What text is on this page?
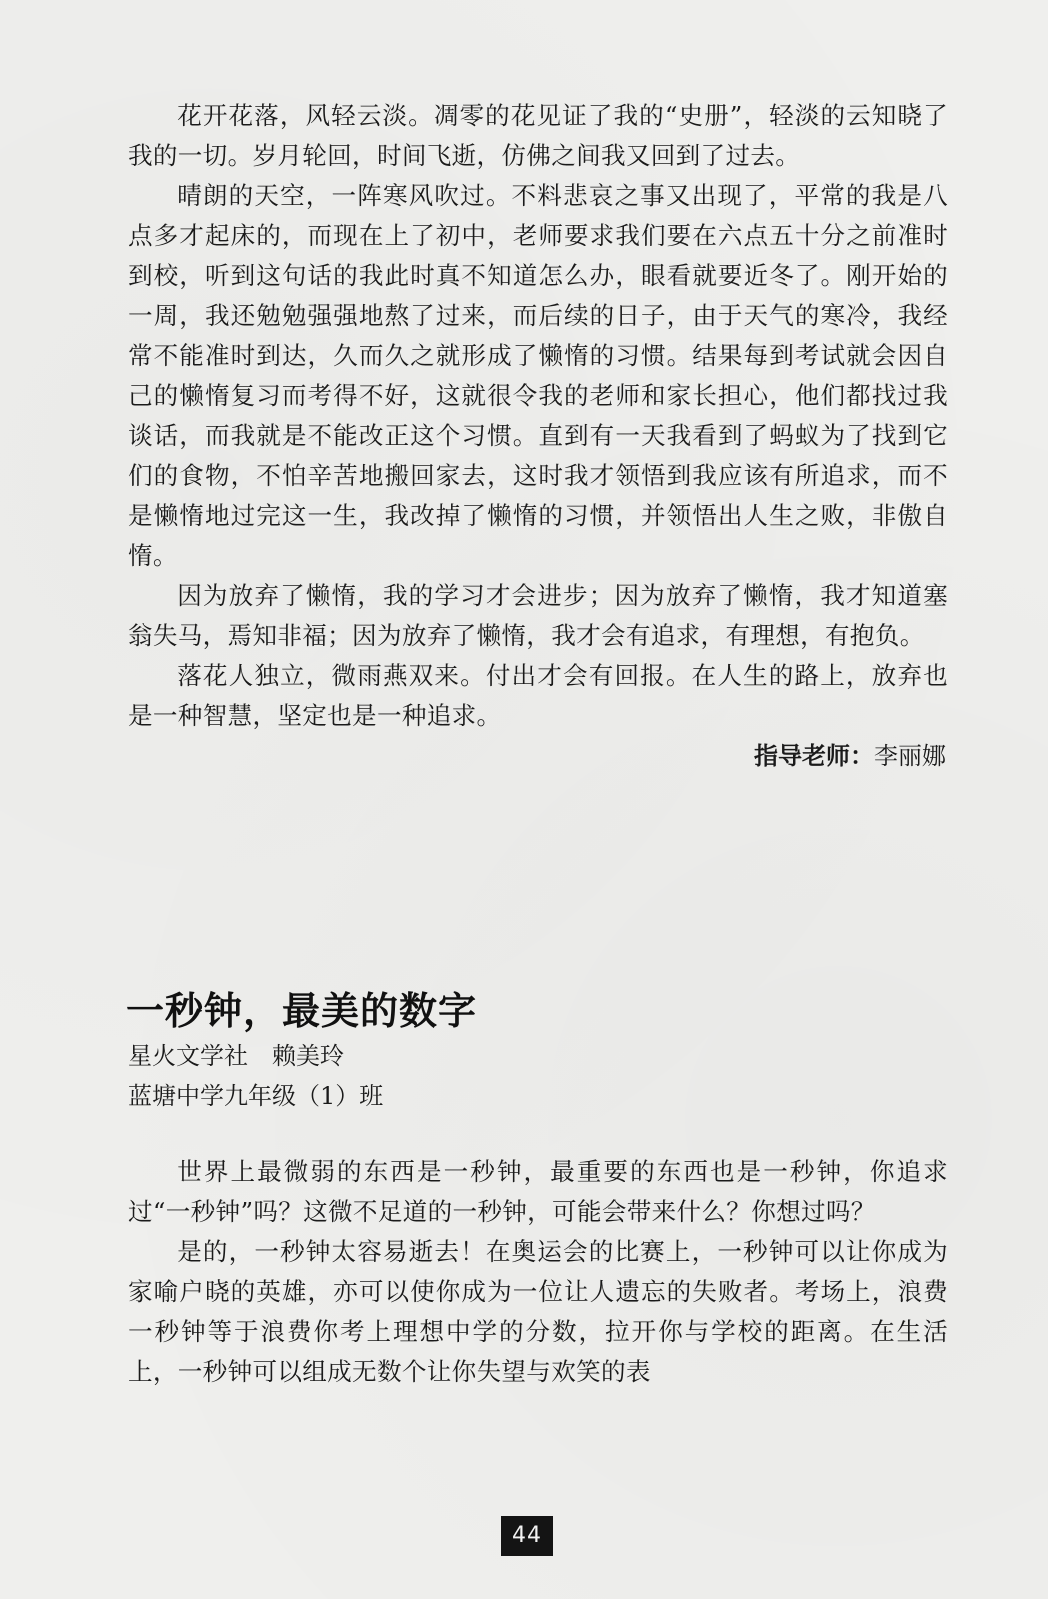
花开花落，风轻云淡。凋零的花见证了我的“史册”，轻淡的云知晓了我的一切。岁月轮回，时间飞逝，仿佛之间我又回到了过去。

晴朗的天空，一阵寒风吹过。不料悲哀之事又出现了，平常的我是八点多才起床的，而现在上了初中，老师要求我们要在六点五十分之前准时到校，听到这句话的我此时真不知道怎么办，眼看就要近冬了。刚开始的一周，我还勉勉强强地熬了过来，而后续的日子，由于天气的寒冷，我经常不能准时到达，久而久之就形成了懒惰的习惯。结果每到考试就会因自己的懒惰复习而考得不好，这就很令我的老师和家长担心，他们都找过我谈话，而我就是不能改正这个习惯。直到有一天我看到了蚂蚁为了找到它们的食物，不怕辛苦地搬回家去，这时我才领悟到我应该有所追求，而不是懒惰地过完这一生，我改掉了懒惰的习惯，并领悟出人生之败，非傲自惰。

因为放弃了懒惰，我的学习才会进步；因为放弃了懒惰，我才知道塞翁失马，焉知非福；因为放弃了懒惰，我才会有追求，有理想，有抱负。

落花人独立，微雨燕双来。付出才会有回报。在人生的路上，放弃也是一种智慧，坚定也是一种追求。

指导老师：李丽娜

一秒钟，最美的数字

星火文学社　赖美玲

蓝塘中学九年级（1）班

世界上最微弱的东西是一秒钟，最重要的东西也是一秒钟，你追求过“一秒钟”吗？这微不足道的一秒钟，可能会带来什么？你想过吗？

是的，一秒钟太容易逝去！在奥运会的比赛上，一秒钟可以让你成为家喻户晓的英雄，亦可以使你成为一位让人遗忘的失败者。考场上，浪费一秒钟等于浪费你考上理想中学的分数，拉开你与学校的距离。在生活上，一秒钟可以组成无数个让你失望与欢笑的表

44
